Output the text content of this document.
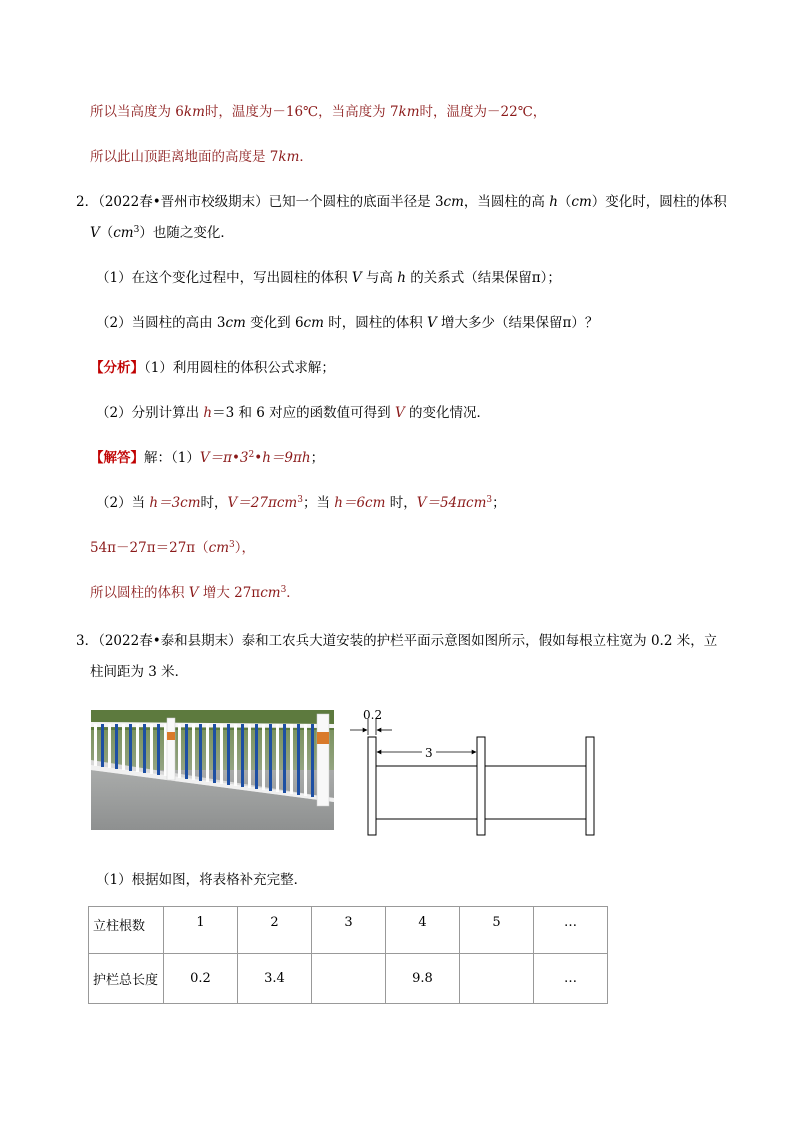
所以当高度为 6km时，温度为－16℃，当高度为 7km时，温度为－22℃，
所以此山顶距离地面的高度是 7km．
2．（2022春•晋州市校级期末）已知一个圆柱的底面半径是 3cm，当圆柱的高 h（cm）变化时，圆柱的体积
$V(cm^3)$也随之变化．
（1）在这个变化过程中，写出圆柱的体积 V 与高 h 的关系式（结果保留π）；
（2）当圆柱的高由 3cm 变化到 6cm 时，圆柱的体积 V 增大多少（结果保留π）？
【分析】（1）利用圆柱的体积公式求解；
（2）分别计算出 h＝3 和 6 对应的函数值可得到 V 的变化情况．
【解答】解：$(1)V=\pi•3^2•h=9\pi h$；
（2）当 h＝3cm时，V＝27πcm$^3$；当 h＝6cm 时，V＝54πcm$^3$；
$54\pi-27\pi=27\pi(cm^3)$，
所以圆柱的体积 V 增大 27πcm$^3$．
3．（2022春•泰和县期末）泰和工农兵大道安装的护栏平面示意图如图所示，假如每根立柱宽为 0.2 米，立
柱间距为 3 米．
0.2
3
（1）根据如图，将表格补充完整．
立柱根数	1	2	3	4	5	…
护栏总长度	0.2	3.4		9.8		…
